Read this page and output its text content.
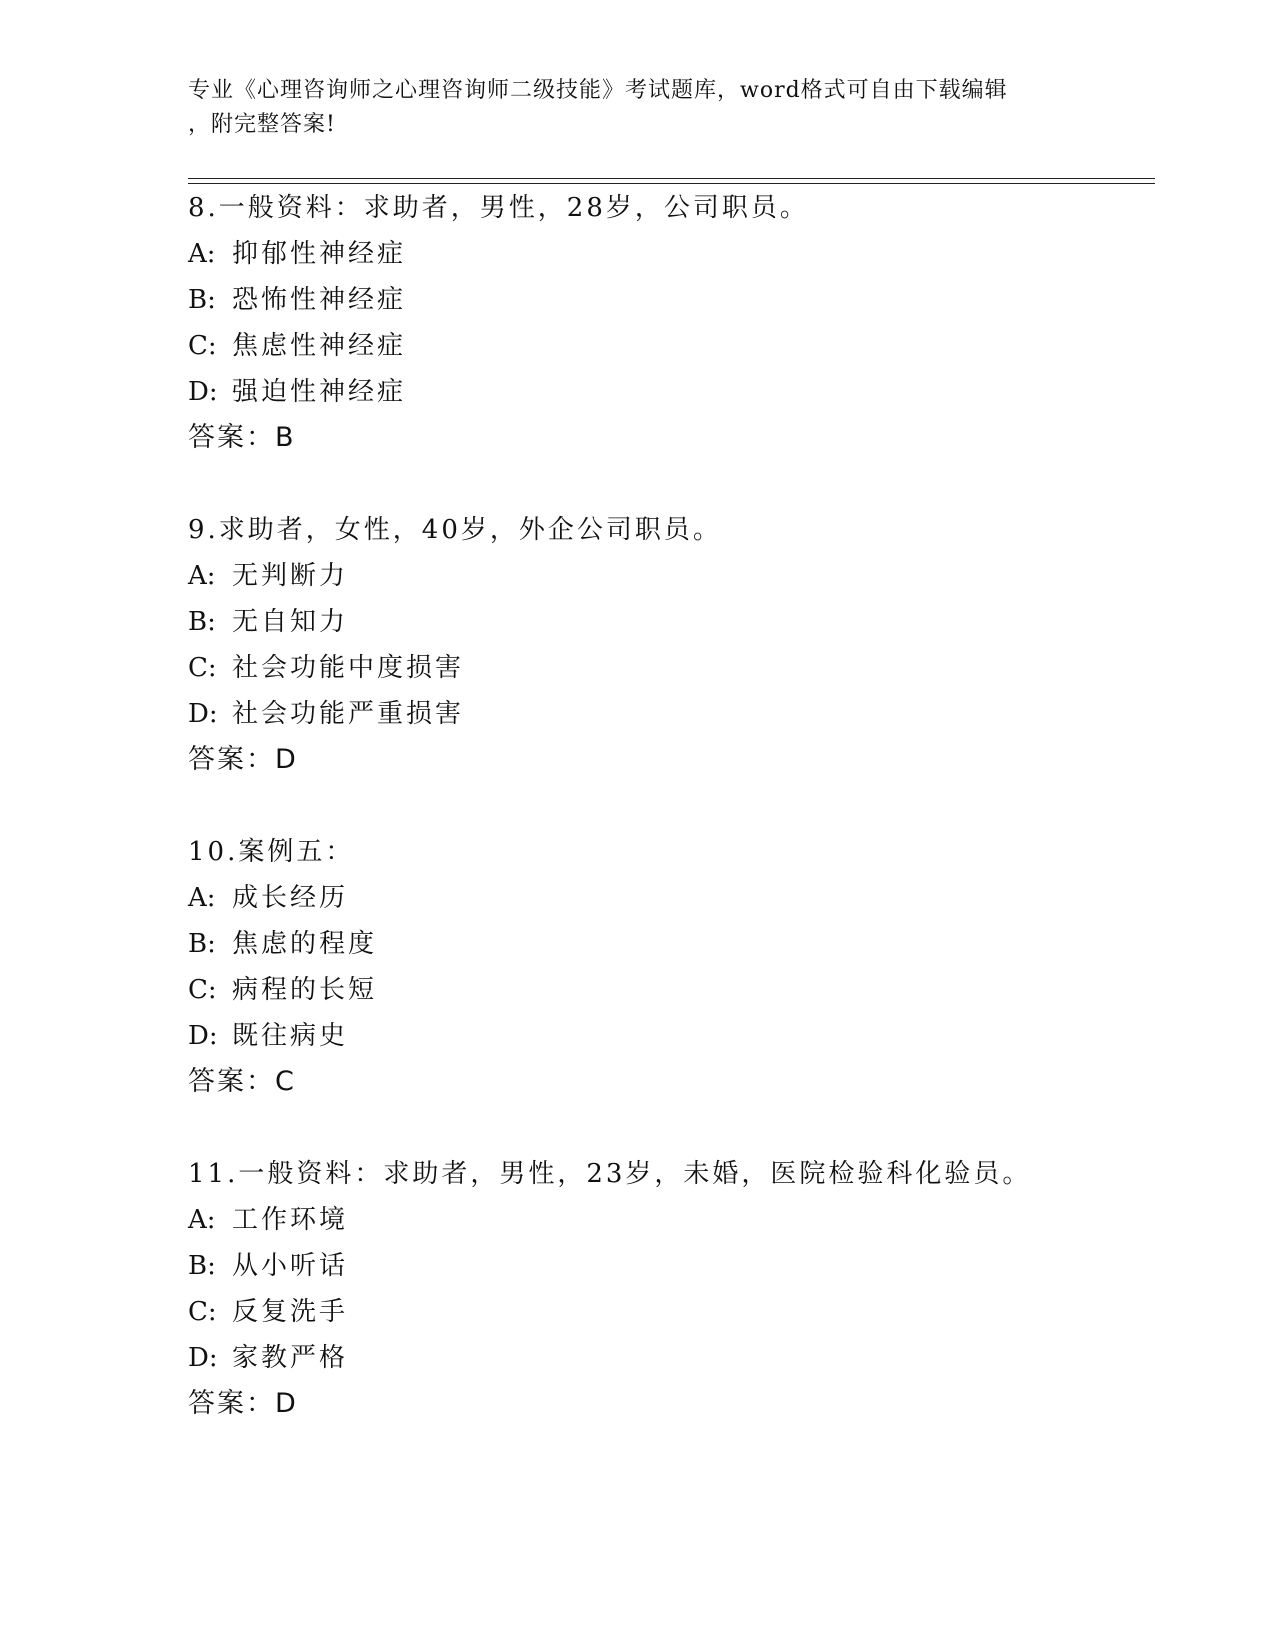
专业《心理咨询师之心理咨询师二级技能》考试题库，word格式可自由下载编辑
，附完整答案!
8.一般资料：求助者，男性，28岁，公司职员。
A: 抑郁性神经症
B: 恐怖性神经症
C: 焦虑性神经症
D: 强迫性神经症
答案：B
9.求助者，女性，40岁，外企公司职员。
A: 无判断力
B: 无自知力
C: 社会功能中度损害
D: 社会功能严重损害
答案：D
10.案例五：
A: 成长经历
B: 焦虑的程度
C: 病程的长短
D: 既往病史
答案：C
11.一般资料：求助者，男性，23岁，未婚，医院检验科化验员。
A: 工作环境
B: 从小听话
C: 反复洗手
D: 家教严格
答案：D
